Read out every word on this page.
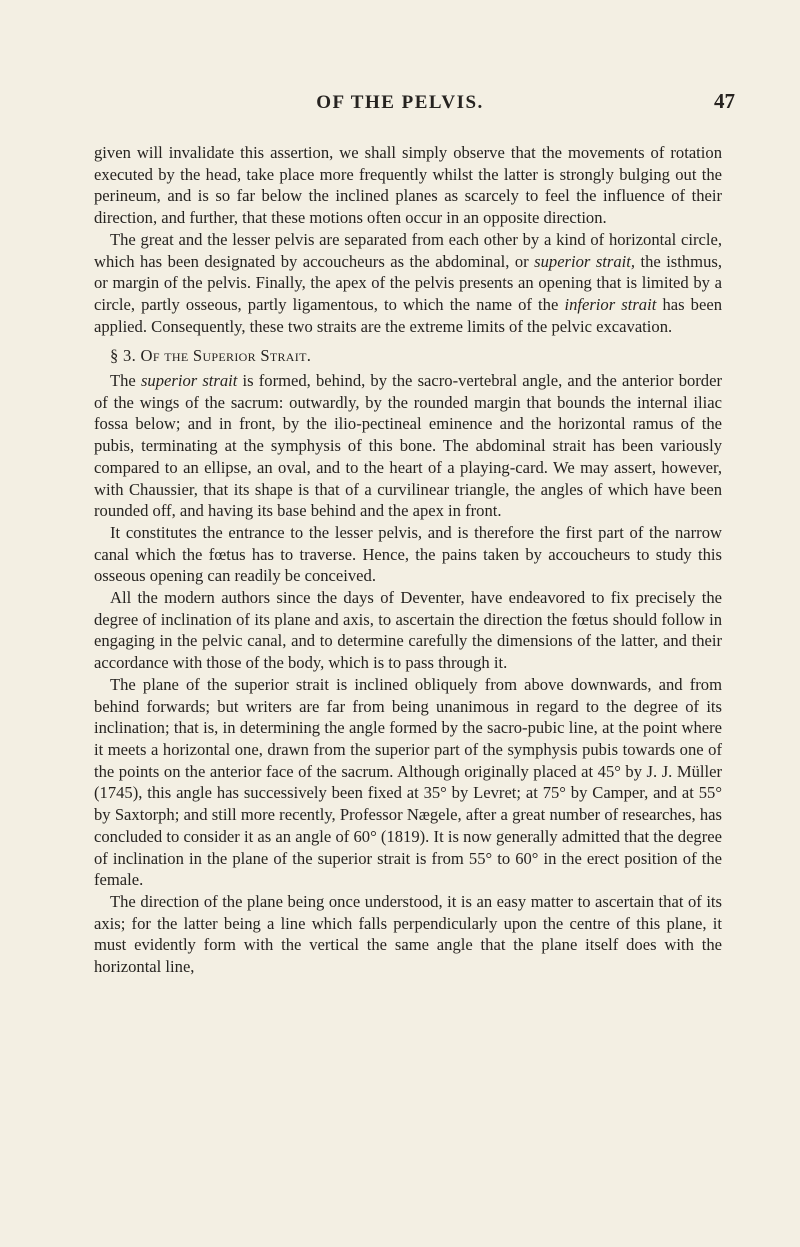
OF THE PELVIS.	47

given will invalidate this assertion, we shall simply observe that the movements of rotation executed by the head, take place more frequently whilst the latter is strongly bulging out the perineum, and is so far below the inclined planes as scarcely to feel the influence of their direction, and further, that these motions often occur in an opposite direction.

The great and the lesser pelvis are separated from each other by a kind of horizontal circle, which has been designated by accoucheurs as the abdominal, or superior strait, the isthmus, or margin of the pelvis. Finally, the apex of the pelvis presents an opening that is limited by a circle, partly osseous, partly ligamentous, to which the name of the inferior strait has been applied. Consequently, these two straits are the extreme limits of the pelvic excavation.

§ 3. Of the Superior Strait.

The superior strait is formed, behind, by the sacro-vertebral angle, and the anterior border of the wings of the sacrum: outwardly, by the rounded margin that bounds the internal iliac fossa below; and in front, by the ilio-pectineal eminence and the horizontal ramus of the pubis, terminating at the symphysis of this bone. The abdominal strait has been variously compared to an ellipse, an oval, and to the heart of a playing-card. We may assert, however, with Chaussier, that its shape is that of a curvilinear triangle, the angles of which have been rounded off, and having its base behind and the apex in front.

It constitutes the entrance to the lesser pelvis, and is therefore the first part of the narrow canal which the fœtus has to traverse. Hence, the pains taken by accoucheurs to study this osseous opening can readily be conceived.

All the modern authors since the days of Deventer, have endeavored to fix precisely the degree of inclination of its plane and axis, to ascertain the direction the fœtus should follow in engaging in the pelvic canal, and to determine carefully the dimensions of the latter, and their accordance with those of the body, which is to pass through it.

The plane of the superior strait is inclined obliquely from above downwards, and from behind forwards; but writers are far from being unanimous in regard to the degree of its inclination; that is, in determining the angle formed by the sacro-pubic line, at the point where it meets a horizontal one, drawn from the superior part of the symphysis pubis towards one of the points on the anterior face of the sacrum. Although originally placed at 45° by J. J. Müller (1745), this angle has successively been fixed at 35° by Levret; at 75° by Camper, and at 55° by Saxtorph; and still more recently, Professor Nægele, after a great number of researches, has concluded to consider it as an angle of 60° (1819). It is now generally admitted that the degree of inclination in the plane of the superior strait is from 55° to 60° in the erect position of the female.

The direction of the plane being once understood, it is an easy matter to ascertain that of its axis; for the latter being a line which falls perpendicularly upon the centre of this plane, it must evidently form with the vertical the same angle that the plane itself does with the horizontal line,
